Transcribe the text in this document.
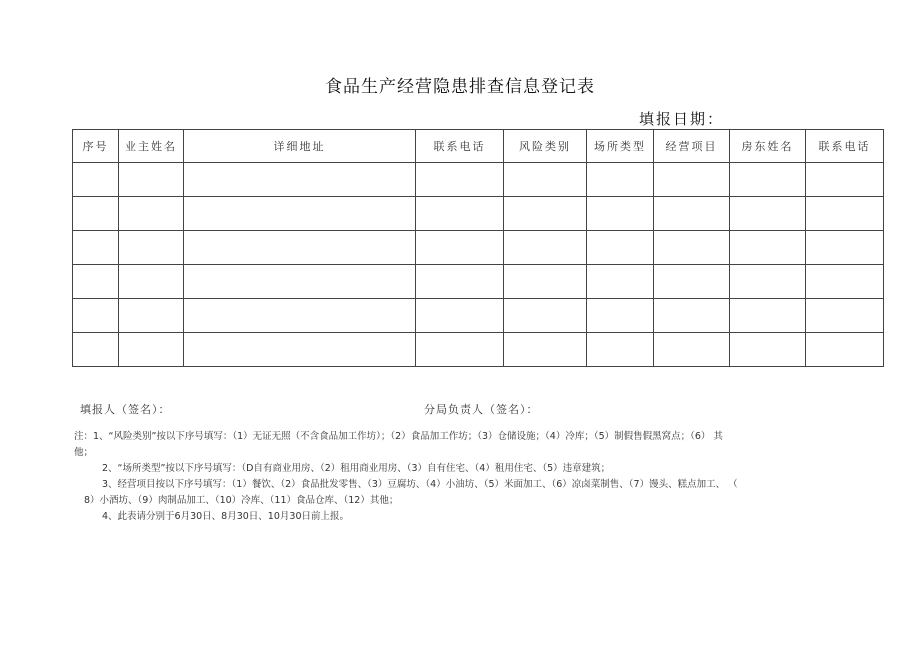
食品生产经营隐患排查信息登记表
填报日期：
序号	业主姓名	详细地址	联系电话	风险类别	场所类型	经营项目	房东姓名	联系电话

填报人（签名）：	分局负责人（签名）：

注：1、“风险类别”按以下序号填写：（1）无证无照（不含食品加工作坊）；（2）食品加工作坊；（3）仓储设施；（4）冷库；（5）制假售假黑窝点；（6） 其

他；

2、“场所类型”按以下序号填写：（D自有商业用房、（2）租用商业用房、（3）自有住宅、（4）租用住宅、（5）违章建筑；

3、经营项目按以下序号填写：（1）餐饮、（2）食品批发零售、（3）豆腐坊、（4）小油坊、（5）米面加工、（6）凉卤菜制售、（7）馒头、糕点加工、 （

8）小酒坊、（9）肉制品加工、（10）冷库、（11）食品仓库、（12）其他；

4、此表请分别于6月30日、8月30日、10月30日前上报。
